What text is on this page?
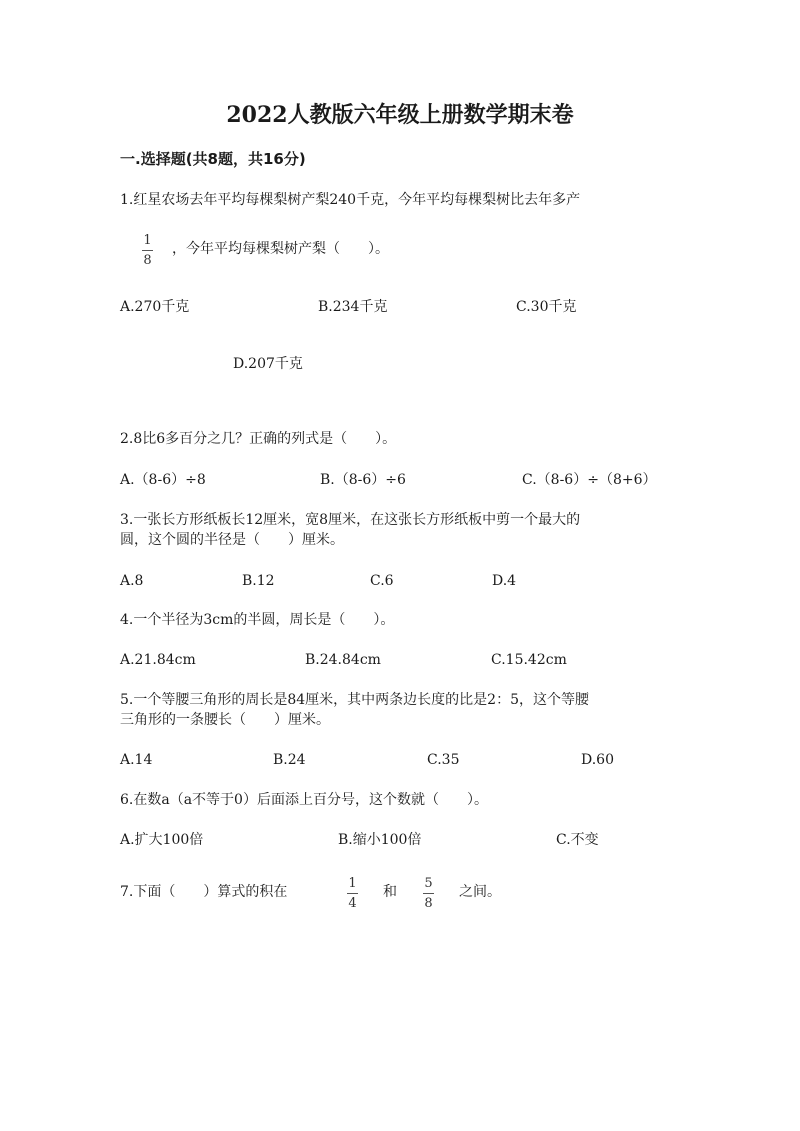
2022人教版六年级上册数学期末卷
一.选择题(共8题，共16分)
1.红星农场去年平均每棵梨树产梨240千克，今年平均每棵梨树比去年多产
1
8
，今年平均每棵梨树产梨（　　）。
A.270千克	B.234千克	C.30千克
D.207千克
2.8比6多百分之几？正确的列式是（　　）。
A.（8-6）÷8	B.（8-6）÷6	C.（8-6）÷（8+6）
3.一张长方形纸板长12厘米，宽8厘米，在这张长方形纸板中剪一个最大的
圆，这个圆的半径是（　　）厘米。
A.8	B.12	C.6	D.4
4.一个半径为3cm的半圆，周长是（　　）。
A.21.84cm	B.24.84cm	C.15.42cm
5.一个等腰三角形的周长是84厘米，其中两条边长度的比是2：5，这个等腰
三角形的一条腰长（　　）厘米。
A.14	B.24	C.35	D.60
6.在数a（a不等于0）后面添上百分号，这个数就（　　）。
A.扩大100倍	B.缩小100倍	C.不变
7.下面（　　）算式的积在
1
4
和
5
8
之间。
